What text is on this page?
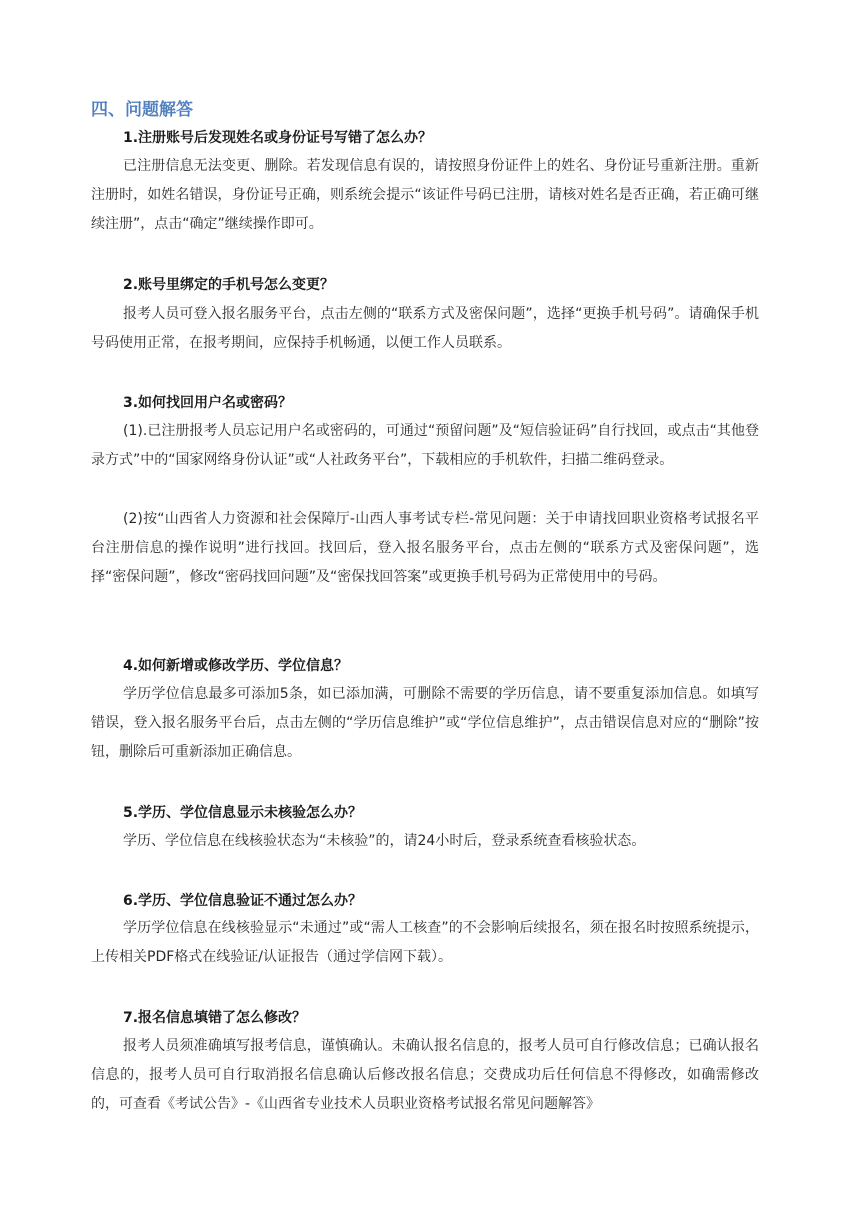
四、问题解答
1.注册账号后发现姓名或身份证号写错了怎么办？

已注册信息无法变更、删除。若发现信息有误的，请按照身份证件上的姓名、身份证号重新注册。重新注册时，如姓名错误，身份证号正确，则系统会提示“该证件号码已注册，请核对姓名是否正确，若正确可继续注册”，点击“确定”继续操作即可。

2.账号里绑定的手机号怎么变更？

报考人员可登入报名服务平台，点击左侧的“联系方式及密保问题”，选择“更换手机号码”。请确保手机号码使用正常，在报考期间，应保持手机畅通，以便工作人员联系。

3.如何找回用户名或密码？

(1).已注册报考人员忘记用户名或密码的，可通过“预留问题”及“短信验证码”自行找回，或点击“其他登录方式”中的“国家网络身份认证”或“人社政务平台”，下载相应的手机软件，扫描二维码登录。

(2)按“山西省人力资源和社会保障厅-山西人事考试专栏-常见问题：关于申请找回职业资格考试报名平台注册信息的操作说明”进行找回。找回后，登入报名服务平台，点击左侧的“联系方式及密保问题”，选择“密保问题”，修改“密码找回问题”及“密保找回答案”或更换手机号码为正常使用中的号码。

4.如何新增或修改学历、学位信息？

学历学位信息最多可添加5条，如已添加满，可删除不需要的学历信息，请不要重复添加信息。如填写错误，登入报名服务平台后，点击左侧的“学历信息维护”或“学位信息维护”，点击错误信息对应的“删除”按钮，删除后可重新添加正确信息。

5.学历、学位信息显示未核验怎么办？

学历、学位信息在线核验状态为“未核验”的，请24小时后，登录系统查看核验状态。

6.学历、学位信息验证不通过怎么办？

学历学位信息在线核验显示“未通过”或“需人工核查”的不会影响后续报名，须在报名时按照系统提示，上传相关PDF格式在线验证/认证报告（通过学信网下载）。

7.报名信息填错了怎么修改？

报考人员须准确填写报考信息，谨慎确认。未确认报名信息的，报考人员可自行修改信息；已确认报名信息的，报考人员可自行取消报名信息确认后修改报名信息；交费成功后任何信息不得修改，如确需修改的，可查看《考试公告》-《山西省专业技术人员职业资格考试报名常见问题解答》
